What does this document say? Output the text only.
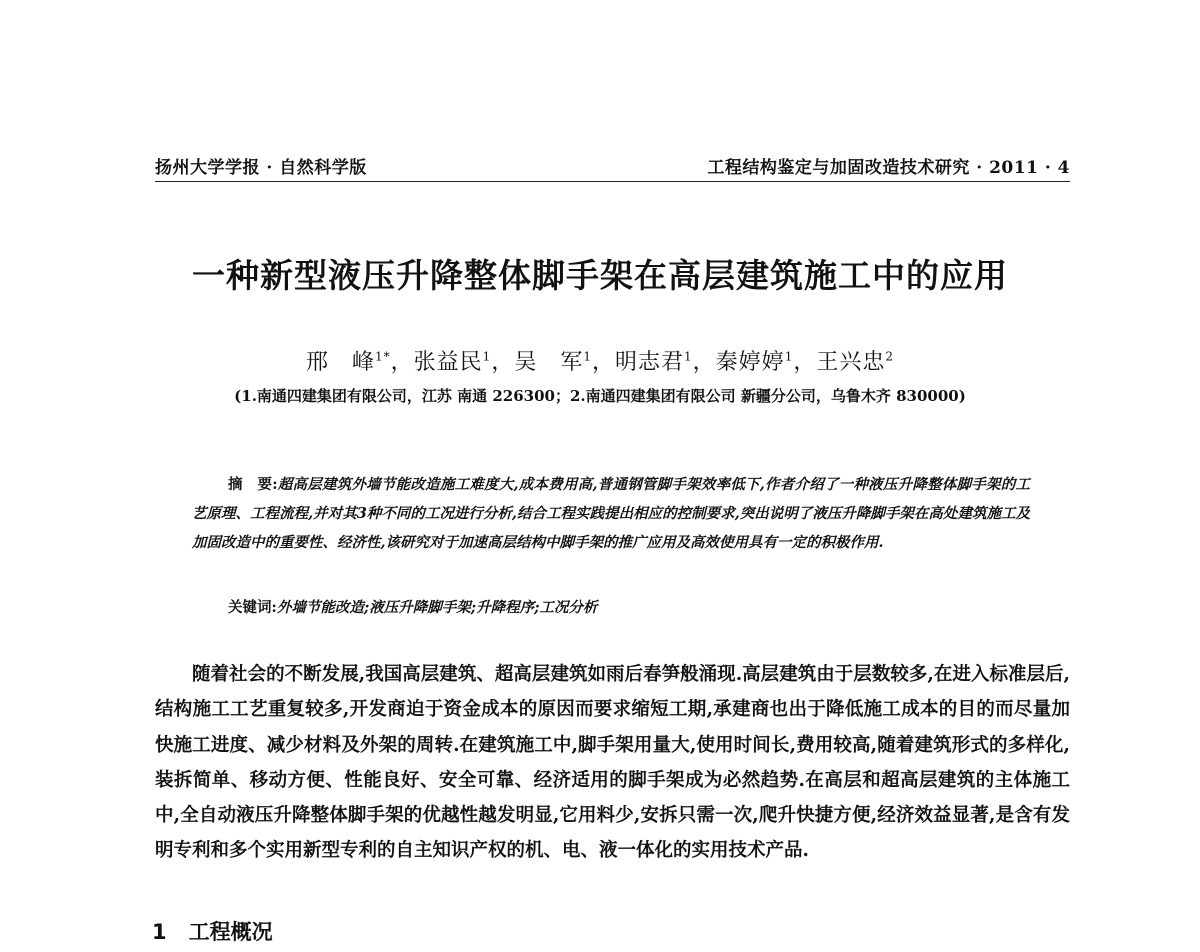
扬州大学学报 · 自然科学版	工程结构鉴定与加固改造技术研究 · 2011 · 4
一种新型液压升降整体脚手架在高层建筑施工中的应用
邢　峰$^{1*}$，张益民$^1$，吴　军$^1$，明志君$^1$，秦婷婷$^1$，王兴忠$^2$
(1.南通四建集团有限公司，江苏 南通 226300；2.南通四建集团有限公司 新疆分公司，乌鲁木齐 830000)
摘　要:超高层建筑外墙节能改造施工难度大,成本费用高,普通钢管脚手架效率低下,作者介绍了一种液压升降整体脚手架的工艺原理、工程流程,并对其3种不同的工况进行分析,结合工程实践提出相应的控制要求,突出说明了液压升降脚手架在高处建筑施工及加固改造中的重要性、经济性,该研究对于加速高层结构中脚手架的推广应用及高效使用具有一定的积极作用.
关键词:外墙节能改造;液压升降脚手架;升降程序;工况分析
随着社会的不断发展,我国高层建筑、超高层建筑如雨后春笋般涌现.高层建筑由于层数较多,在进入标准层后,结构施工工艺重复较多,开发商迫于资金成本的原因而要求缩短工期,承建商也出于降低施工成本的目的而尽量加快施工进度、减少材料及外架的周转.在建筑施工中,脚手架用量大,使用时间长,费用较高,随着建筑形式的多样化,装拆简单、移动方便、性能良好、安全可靠、经济适用的脚手架成为必然趋势.在高层和超高层建筑的主体施工中,全自动液压升降整体脚手架的优越性越发明显,它用料少,安拆只需一次,爬升快捷方便,经济效益显著,是含有发明专利和多个实用新型专利的自主知识产权的机、电、液一体化的实用技术产品.
1 工程概况
